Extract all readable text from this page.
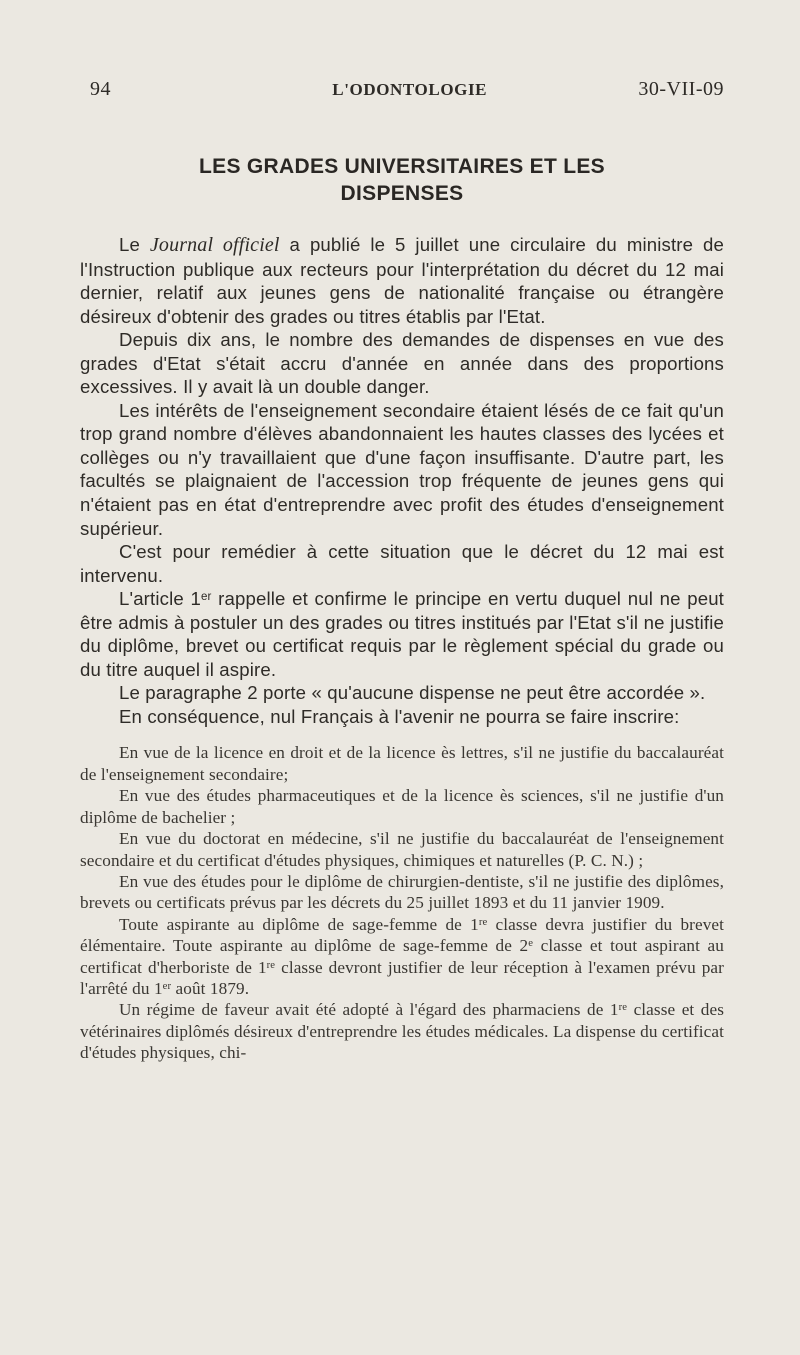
94	L'ODONTOLOGIE	30-VII-09
LES GRADES UNIVERSITAIRES ET LES
DISPENSES

Le Journal officiel a publié le 5 juillet une circulaire du ministre de l'Instruction publique aux recteurs pour l'interprétation du décret du 12 mai dernier, relatif aux jeunes gens de nationalité française ou étrangère désireux d'obtenir des grades ou titres établis par l'Etat.

Depuis dix ans, le nombre des demandes de dispenses en vue des grades d'Etat s'était accru d'année en année dans des proportions excessives. Il y avait là un double danger.

Les intérêts de l'enseignement secondaire étaient lésés de ce fait qu'un trop grand nombre d'élèves abandonnaient les hautes classes des lycées et collèges ou n'y travaillaient que d'une façon insuffisante. D'autre part, les facultés se plaignaient de l'accession trop fréquente de jeunes gens qui n'étaient pas en état d'entreprendre avec profit des études d'enseignement supérieur.

C'est pour remédier à cette situation que le décret du 12 mai est intervenu.

L'article 1er rappelle et confirme le principe en vertu duquel nul ne peut être admis à postuler un des grades ou titres institués par l'Etat s'il ne justifie du diplôme, brevet ou certificat requis par le règlement spécial du grade ou du titre auquel il aspire.

Le paragraphe 2 porte « qu'aucune dispense ne peut être accordée ».

En conséquence, nul Français à l'avenir ne pourra se faire inscrire:

En vue de la licence en droit et de la licence ès lettres, s'il ne justifie du baccalauréat de l'enseignement secondaire;

En vue des études pharmaceutiques et de la licence ès sciences, s'il ne justifie d'un diplôme de bachelier ;

En vue du doctorat en médecine, s'il ne justifie du baccalauréat de l'enseignement secondaire et du certificat d'études physiques, chimiques et naturelles (P. C. N.) ;

En vue des études pour le diplôme de chirurgien-dentiste, s'il ne justifie des diplômes, brevets ou certificats prévus par les décrets du 25 juillet 1893 et du 11 janvier 1909.

Toute aspirante au diplôme de sage-femme de 1re classe devra justifier du brevet élémentaire. Toute aspirante au diplôme de sage-femme de 2e classe et tout aspirant au certificat d'herboriste de 1re classe devront justifier de leur réception à l'examen prévu par l'arrêté du 1er août 1879.

Un régime de faveur avait été adopté à l'égard des pharmaciens de 1re classe et des vétérinaires diplômés désireux d'entreprendre les études médicales. La dispense du certificat d'études physiques, chi-
